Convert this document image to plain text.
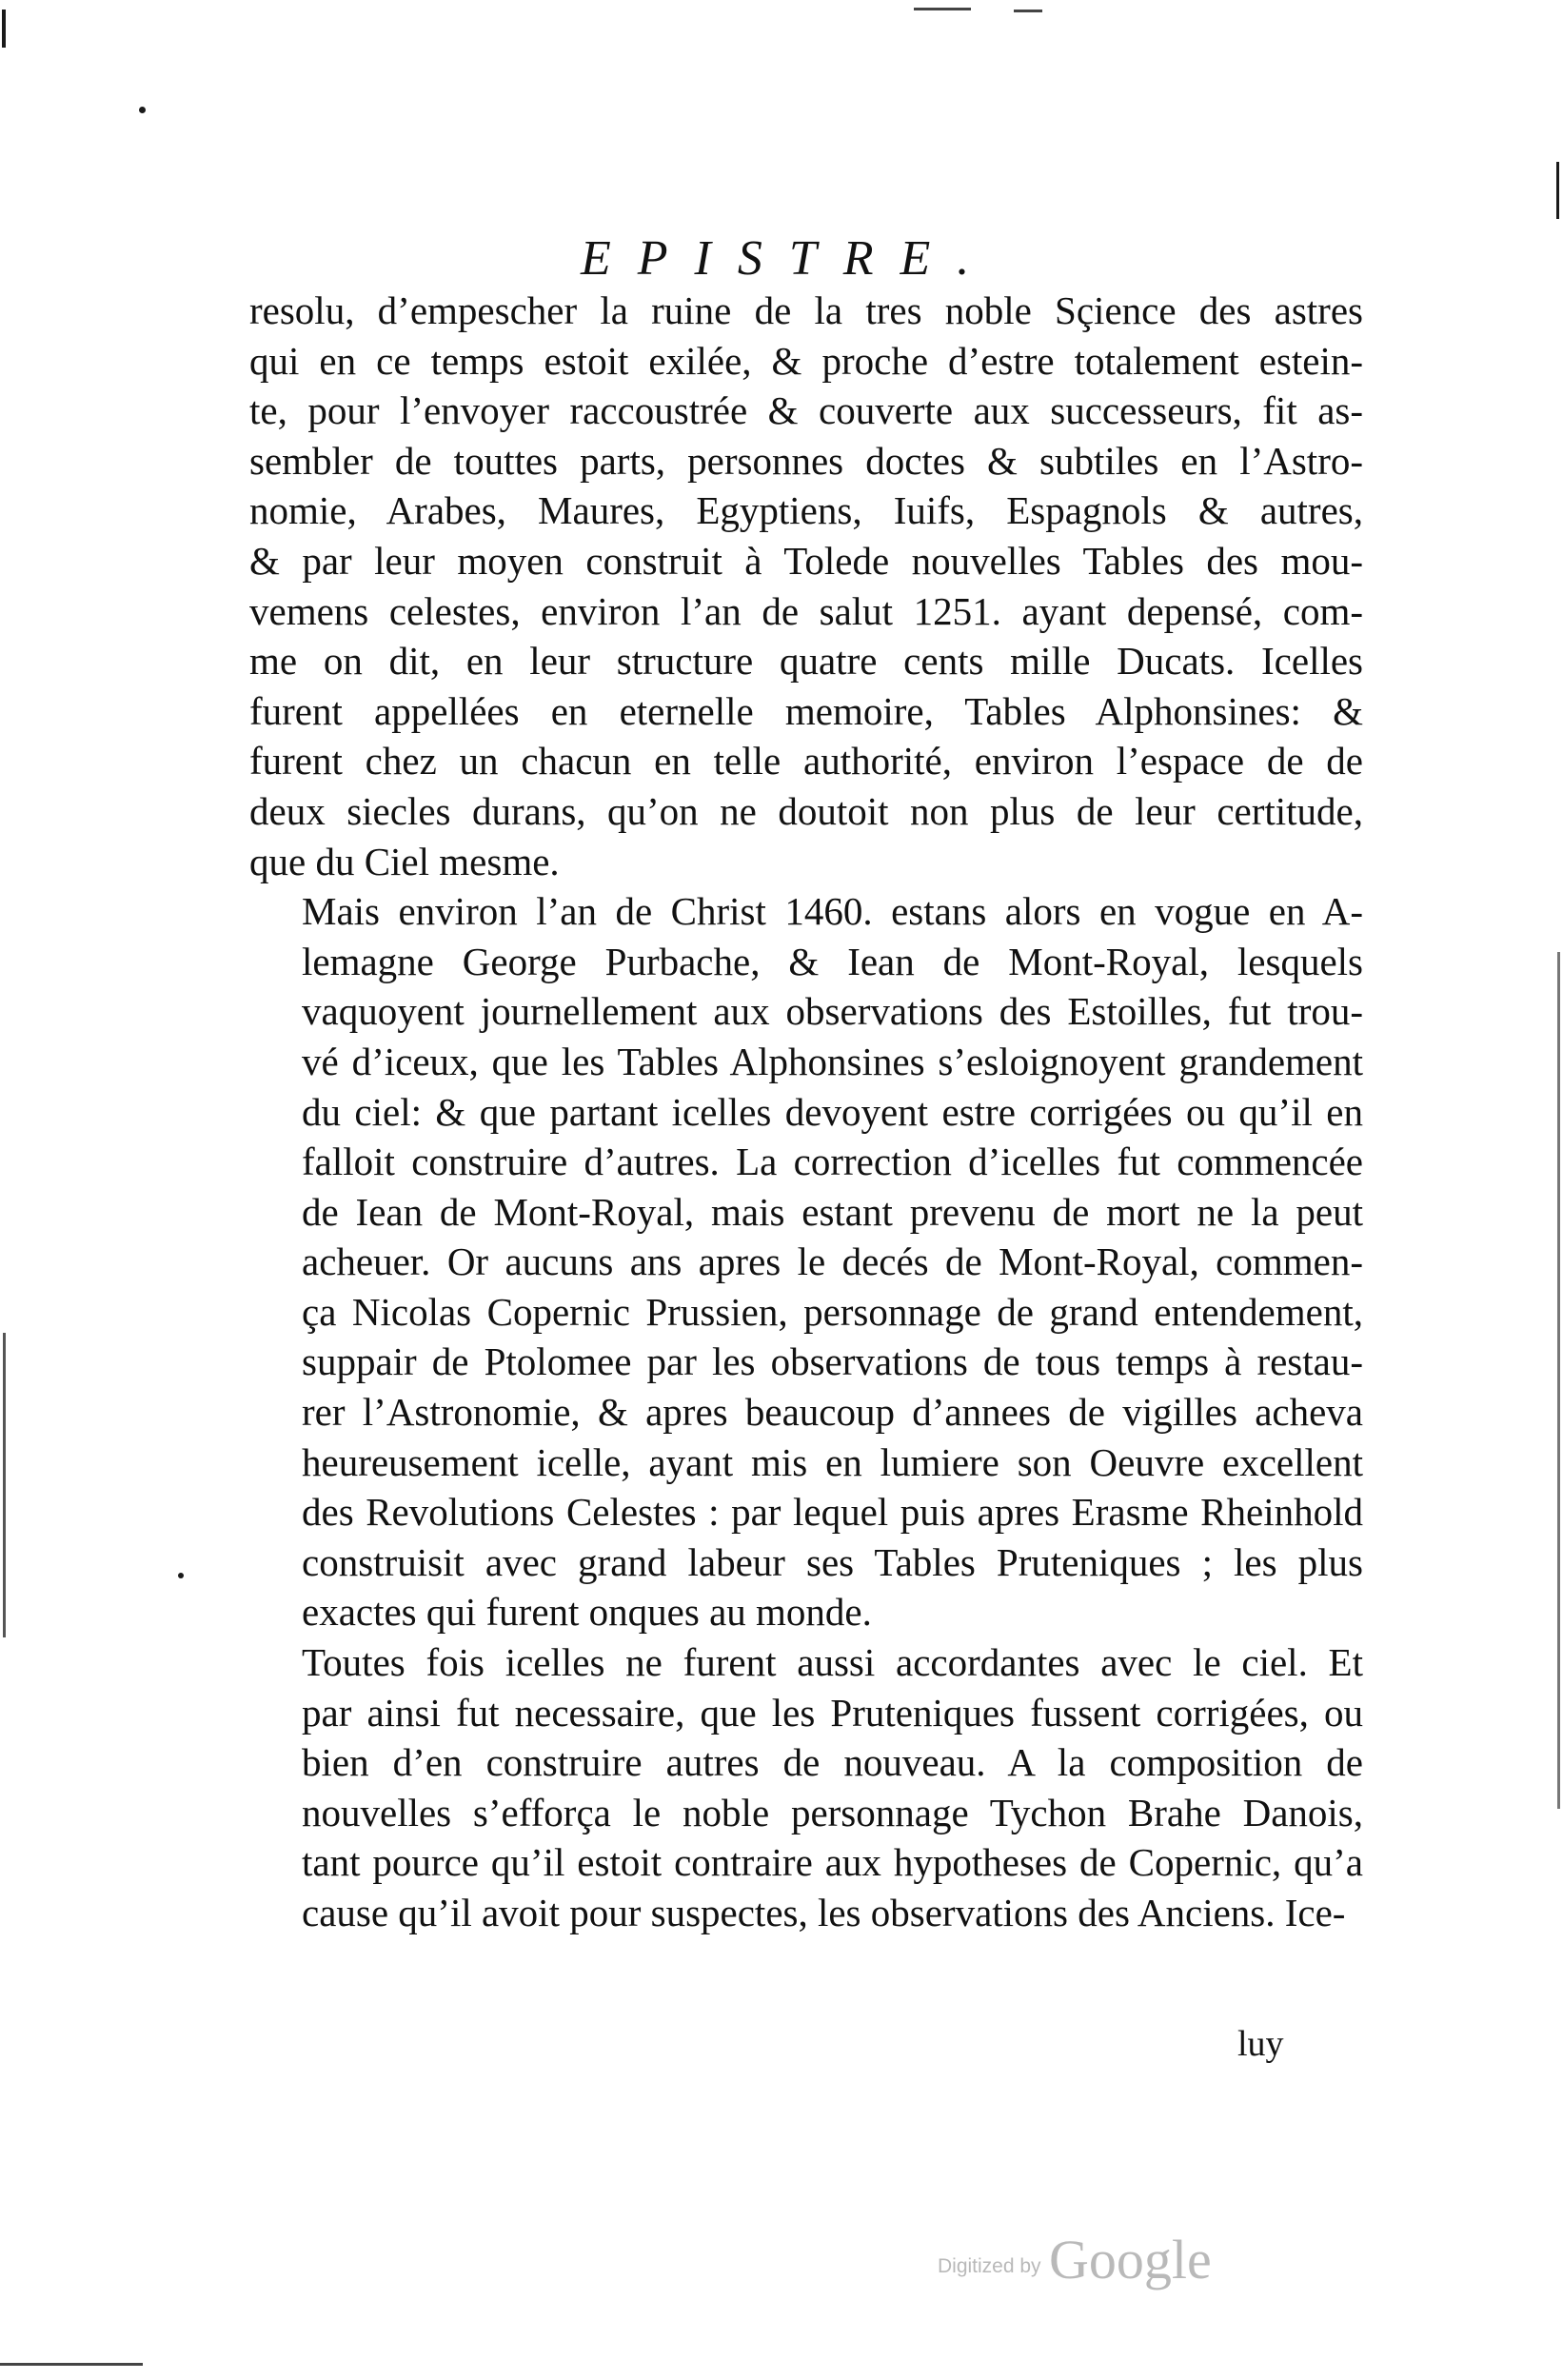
EPISTRE.

resolu, d’empescher la ruine de la tres noble Sçience des astres
qui en ce temps estoit exilée, & proche d’estre totalement estein-
te, pour l’envoyer raccoustrée & couverte aux successeurs, fit as-
sembler de touttes parts, personnes doctes & subtiles en l’Astro-
nomie, Arabes, Maures, Egyptiens, Iuifs, Espagnols & autres,
& par leur moyen construit à Tolede nouvelles Tables des mou-
vemens celestes, environ l’an de salut 1251. ayant depensé, com-
me on dit, en leur structure quatre cents mille Ducats. Icelles
furent appellées en eternelle memoire, Tables Alphonsines: &
furent chez un chacun en telle authorité, environ l’espace de de
deux siecles durans, qu’on ne doutoit non plus de leur certitude,
que du Ciel mesme.

Mais environ l’an de Christ 1460. estans alors en vogue en A-
lemagne George Purbache, & Iean de Mont-Royal, lesquels
vaquoyent journellement aux observations des Estoilles, fut trou-
vé d’iceux, que les Tables Alphonsines s’esloignoyent grandement
du ciel: & que partant icelles devoyent estre corrigées ou qu’il en
falloit construire d’autres. La correction d’icelles fut commencée
de Iean de Mont-Royal, mais estant prevenu de mort ne la peut
acheuer. Or aucuns ans apres le decés de Mont-Royal, commen-
ça Nicolas Copernic Prussien, personnage de grand entendement,
suppair de Ptolomee par les observations de tous temps à restau-
rer l’Astronomie, & apres beaucoup d’annees de vigilles acheva
heureusement icelle, ayant mis en lumiere son Oeuvre excellent
des Revolutions Celestes : par lequel puis apres Erasme Rheinhold
construisit avec grand labeur ses Tables Pruteniques ; les plus
exactes qui furent onques au monde.

Toutes fois icelles ne furent aussi accordantes avec le ciel. Et
par ainsi fut necessaire, que les Pruteniques fussent corrigées, ou
bien d’en construire autres de nouveau. A la composition de
nouvelles s’efforça le noble personnage Tychon Brahe Danois,
tant pource qu’il estoit contraire aux hypotheses de Copernic, qu’a
cause qu’il avoit pour suspectes, les observations des Anciens. Ice-

luy
Digitized by Google
